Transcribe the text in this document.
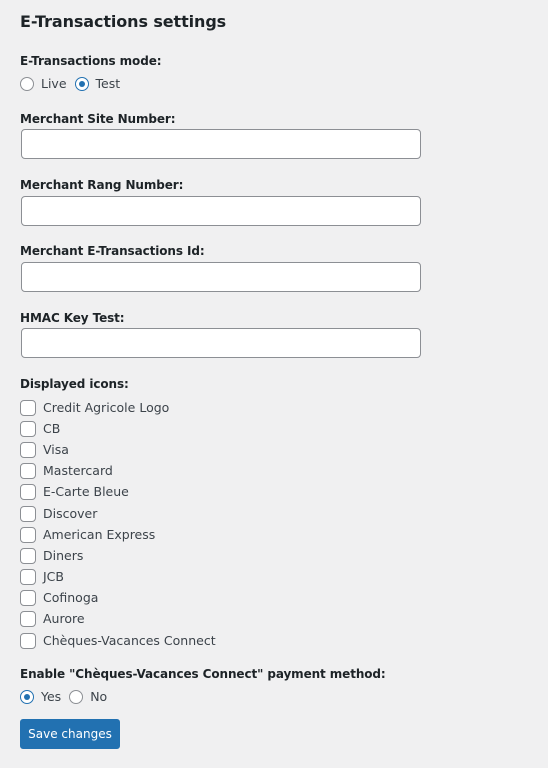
E-Transactions settings
E-Transactions mode:
Live Test
Merchant Site Number:
Merchant Rang Number:
Merchant E-Transactions Id:
HMAC Key Test:
Displayed icons:
Credit Agricole Logo
CB
Visa
Mastercard
E-Carte Bleue
Discover
American Express
Diners
JCB
Cofinoga
Aurore
Chèques-Vacances Connect
Enable "Chèques-Vacances Connect" payment method:
Yes No
Save changes
